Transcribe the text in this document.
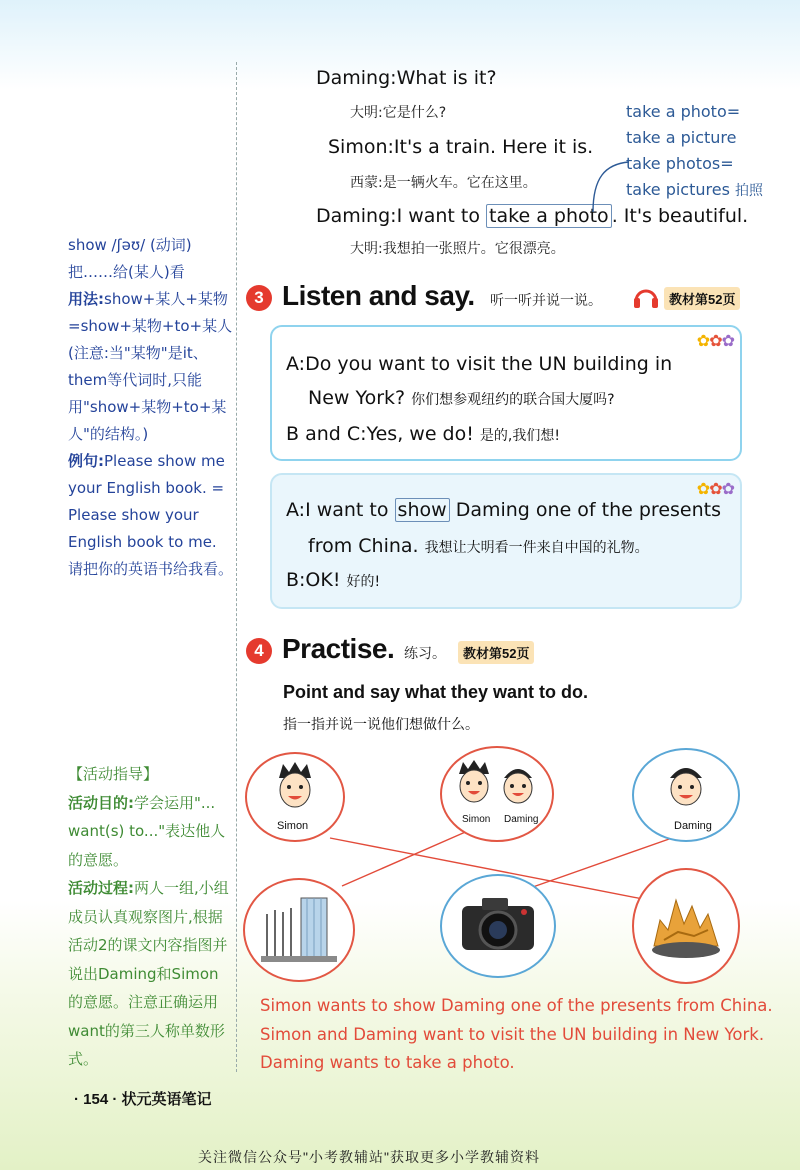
Daming:What is it?
大明:它是什么?
Simon:It's a train. Here it is.
西蒙:是一辆火车。它在这里。
Daming:I want to take a photo . It's beautiful.
大明:我想拍一张照片。它很漂亮。
take a photo=
take a picture
take photos=
take pictures 拍照
show /ʃəʊ/ (动词)
把……给(某人)看
用法:show+某人+某物=show+某物+to+某人(注意:当"某物"是it、them等代词时,只能用"show+某物+to+某人"的结构。)
例句:Please show me your English book. = Please show your English book to me.
请把你的英语书给我看。
3 Listen and say. 听一听并说一说。	教材第52页
✿✿✿
A:Do you want to visit the UN building in
New York? 你们想参观纽约的联合国大厦吗?
B and C:Yes, we do! 是的,我们想!
✿✿✿
A:I want to show Daming one of the presents
from China. 我想让大明看一件来自中国的礼物。
B:OK! 好的!
4 Practise. 练习。	教材第52页
Point and say what they want to do.
指一指并说一说他们想做什么。
【活动指导】
活动目的:学会运用"... want(s) to..."表达他人的意愿。
活动过程:两人一组,小组成员认真观察图片,根据活动2的课文内容指图并说出Daming和Simon的意愿。注意正确运用want的第三人称单数形式。
Simon
Simon Daming
Daming
Simon wants to show Daming one of the presents from China.
Simon and Daming want to visit the UN building in New York.
Daming wants to take a photo.
· 154 · 状元英语笔记
关注微信公众号"小考教辅站"获取更多小学教辅资料
